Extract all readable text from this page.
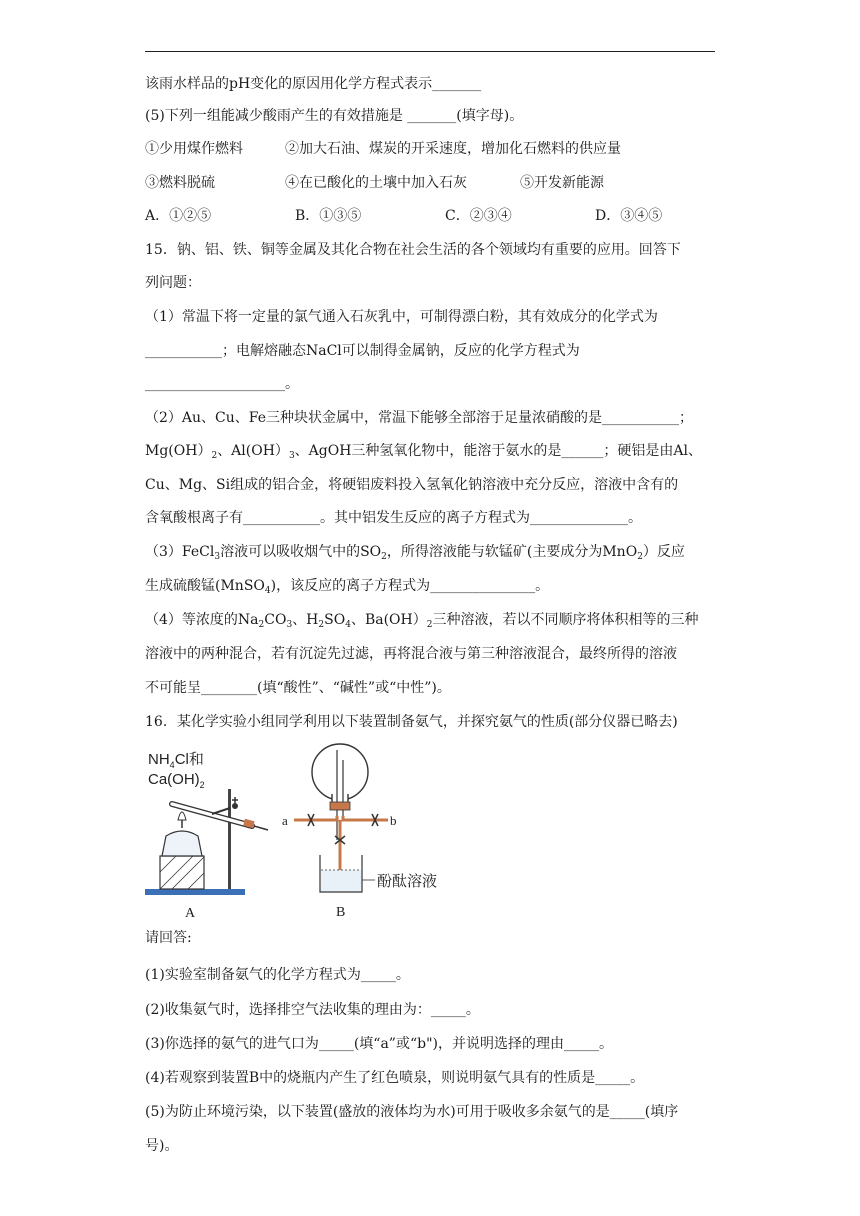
该雨水样品的pH变化的原因用化学方程式表示_______
(5)下列一组能减少酸雨产生的有效措施是 _______(填字母)。
①少用煤作燃料	②加大石油、煤炭的开采速度，增加化石燃料的供应量
③燃料脱硫	④在已酸化的土壤中加入石灰	⑤开发新能源
A．①②⑤	B．①③⑤	C．②③④	D．③④⑤
15．钠、铝、铁、铜等金属及其化合物在社会生活的各个领域均有重要的应用。回答下
列问题：
（1）常温下将一定量的氯气通入石灰乳中，可制得漂白粉，其有效成分的化学式为
___________；电解熔融态NaCl可以制得金属钠，反应的化学方程式为
____________________。
（2）Au、Cu、Fe三种块状金属中，常温下能够全部溶于足量浓硝酸的是___________；
$Mg(OH)_2$、$Al(OH)_3$、AgOH三种氢氧化物中，能溶于氨水的是______；硬铝是由Al、
Cu、Mg、Si组成的铝合金，将硬铝废料投入氢氧化钠溶液中充分反应，溶液中含有的
含氧酸根离子有___________。其中铝发生反应的离子方程式为______________。
（3）FeCl$_3$溶液可以吸收烟气中的$SO_2$，所得溶液能与软锰矿(主要成分为MnO$_2$）反应
生成硫酸锰(MnSO$_4$)，该反应的离子方程式为_______________。
（4）等浓度的$Na_2CO_3$、$H_2SO_4$、$Ba(OH)_2$三种溶液，若以不同顺序将体积相等的三种
溶液中的两种混合，若有沉淀先过滤，再将混合液与第三种溶液混合，最终所得的溶液
不可能呈________(填“酸性”、“碱性”或“中性”)。
16．某化学实验小组同学利用以下装置制备氨气，并探究氨气的性质(部分仪器已略去)
$NH_4Cl$和
$Ca(OH)_2$
A
a	b
酚酞溶液
B
请回答:
(1)实验室制备氨气的化学方程式为_____。
(2)收集氨气时，选择排空气法收集的理由为：_____。
(3)你选择的氨气的进气口为_____(填“a”或“b")，并说明选择的理由_____。
(4)若观察到装置B中的烧瓶内产生了红色喷泉，则说明氨气具有的性质是_____。
(5)为防止环境污染，以下装置(盛放的液体均为水)可用于吸收多余氨气的是_____(填序
号)。
